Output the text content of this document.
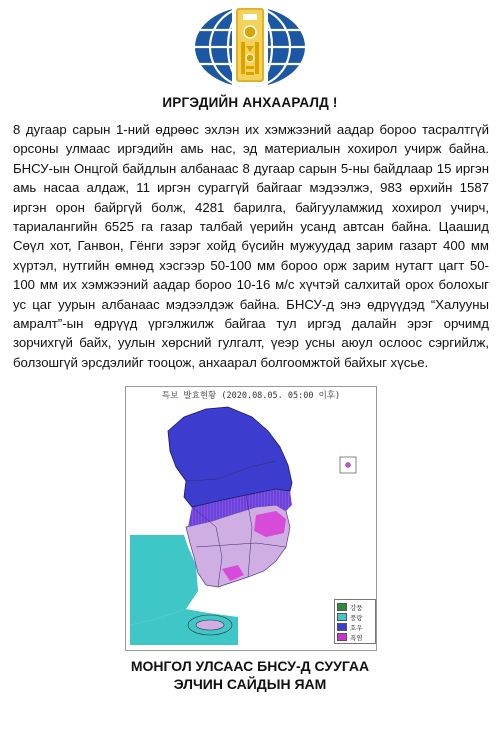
ИРГЭДИЙН АНХААРАЛД !
8 дугаар сарын 1-ний өдрөөс эхлэн их хэмжээний аадар бороо тасралтгүй орсоны улмаас иргэдийн амь нас, эд материалын хохирол учирж байна. БНСУ-ын Онцгой байдлын албанаас 8 дугаар сарын 5-ны байдлаар 15 иргэн амь насаа алдаж, 11 иргэн сураггүй байгааг мэдээлжэ, 983 өрхийн 1587 иргэн орон байргүй болж, 4281 барилга, байгууламжид хохирол учирч, тариалангийн 6525 га газар талбай үерийн усанд автсан байна. Цаашид Сөүл хот, Ганвон, Гёнги зэрэг хойд бүсийн мужуудад зарим газарт 400 мм хүртэл, нутгийн өмнөд хэсгээр 50-100 мм бороо орж зарим нутагт цагт 50-100 мм их хэмжээний аадар бороо 10-16 м/с хүчтэй салхитай орох болохыг ус цаг уурын албанаас мэдээлдэж байна. БНСУ-д энэ өдрүүдэд “Халууны амралт”-ын өдрүүд үргэлжилж байгаа тул иргэд далайн эрэг орчимд зорчихгүй байх, уулын хөрсний гулгалт, үеэр усны аюул ослоос сэргийлж, болзошгүй эрсдэлийг тооцож, анхаарал болгоомжтой байхыг хүсье.
특보 발효현황 (2020.08.05. 05:00 이후)
강풍
풍랑
호우
폭염
МОНГОЛ УЛСААС БНСУ-Д СУУГАА
ЭЛЧИН САЙДЫН ЯАМ
